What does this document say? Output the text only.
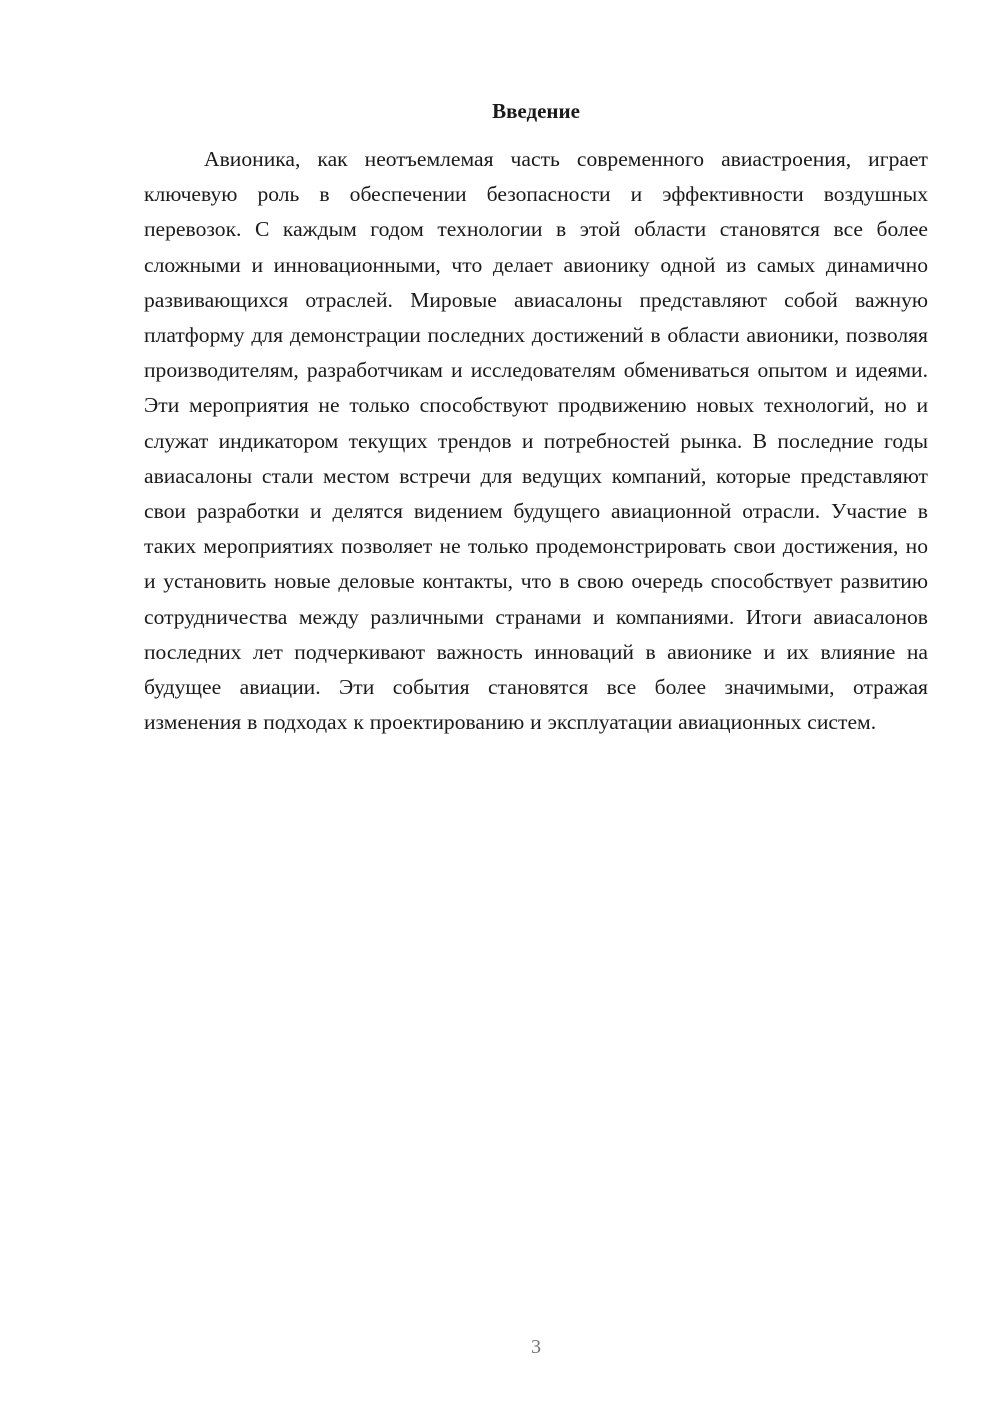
Введение

Авионика, как неотъемлемая часть современного авиастроения, играет ключевую роль в обеспечении безопасности и эффективности воздушных перевозок. С каждым годом технологии в этой области становятся все более сложными и инновационными, что делает авионику одной из самых динамично развивающихся отраслей. Мировые авиасалоны представляют собой важную платформу для демонстрации последних достижений в области авионики, позволяя производителям, разработчикам и исследователям обмениваться опытом и идеями. Эти мероприятия не только способствуют продвижению новых технологий, но и служат индикатором текущих трендов и потребностей рынка. В последние годы авиасалоны стали местом встречи для ведущих компаний, которые представляют свои разработки и делятся видением будущего авиационной отрасли. Участие в таких мероприятиях позволяет не только продемонстрировать свои достижения, но и установить новые деловые контакты, что в свою очередь способствует развитию сотрудничества между различными странами и компаниями. Итоги авиасалонов последних лет подчеркивают важность инноваций в авионике и их влияние на будущее авиации. Эти события становятся все более значимыми, отражая изменения в подходах к проектированию и эксплуатации авиационных систем.

3
